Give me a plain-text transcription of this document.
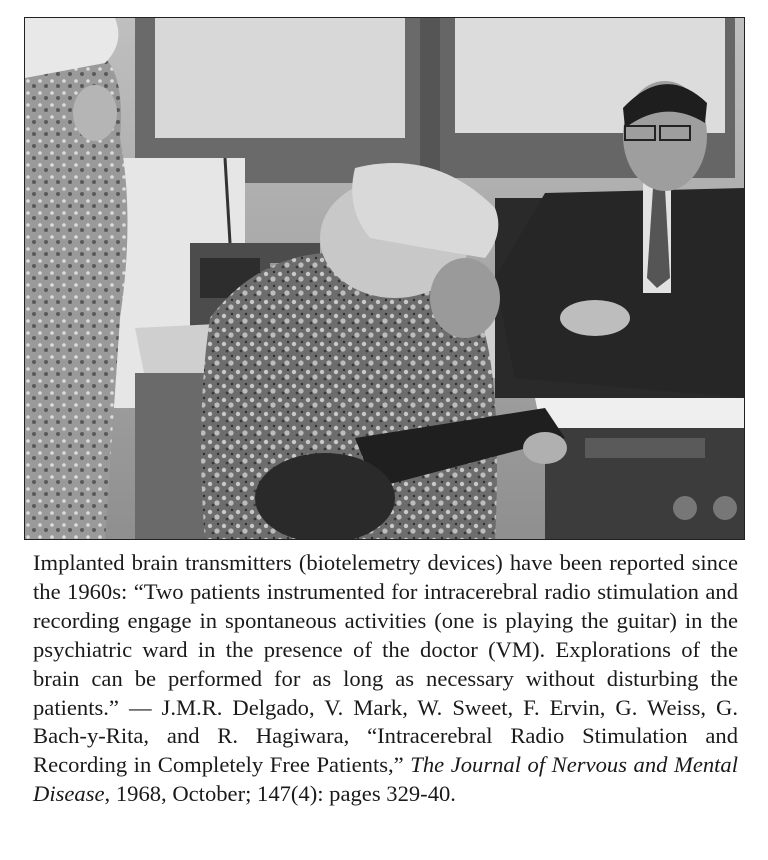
Implanted brain transmitters (biotelemetry devices) have been reported since the 1960s: “Two patients instrumented for intracerebral radio stimulation and recording engage in spontaneous activities (one is playing the guitar) in the psychiatric ward in the presence of the doctor (VM). Explorations of the brain can be performed for as long as necessary without disturbing the patients.” — J.M.R. Delgado, V. Mark, W. Sweet, F. Ervin, G. Weiss, G. Bach-y-Rita, and R. Hagiwara, “Intracerebral Radio Stimulation and Recording in Completely Free Patients,” The Journal of Nervous and Mental Disease, 1968, October; 147(4): pages 329-40.
